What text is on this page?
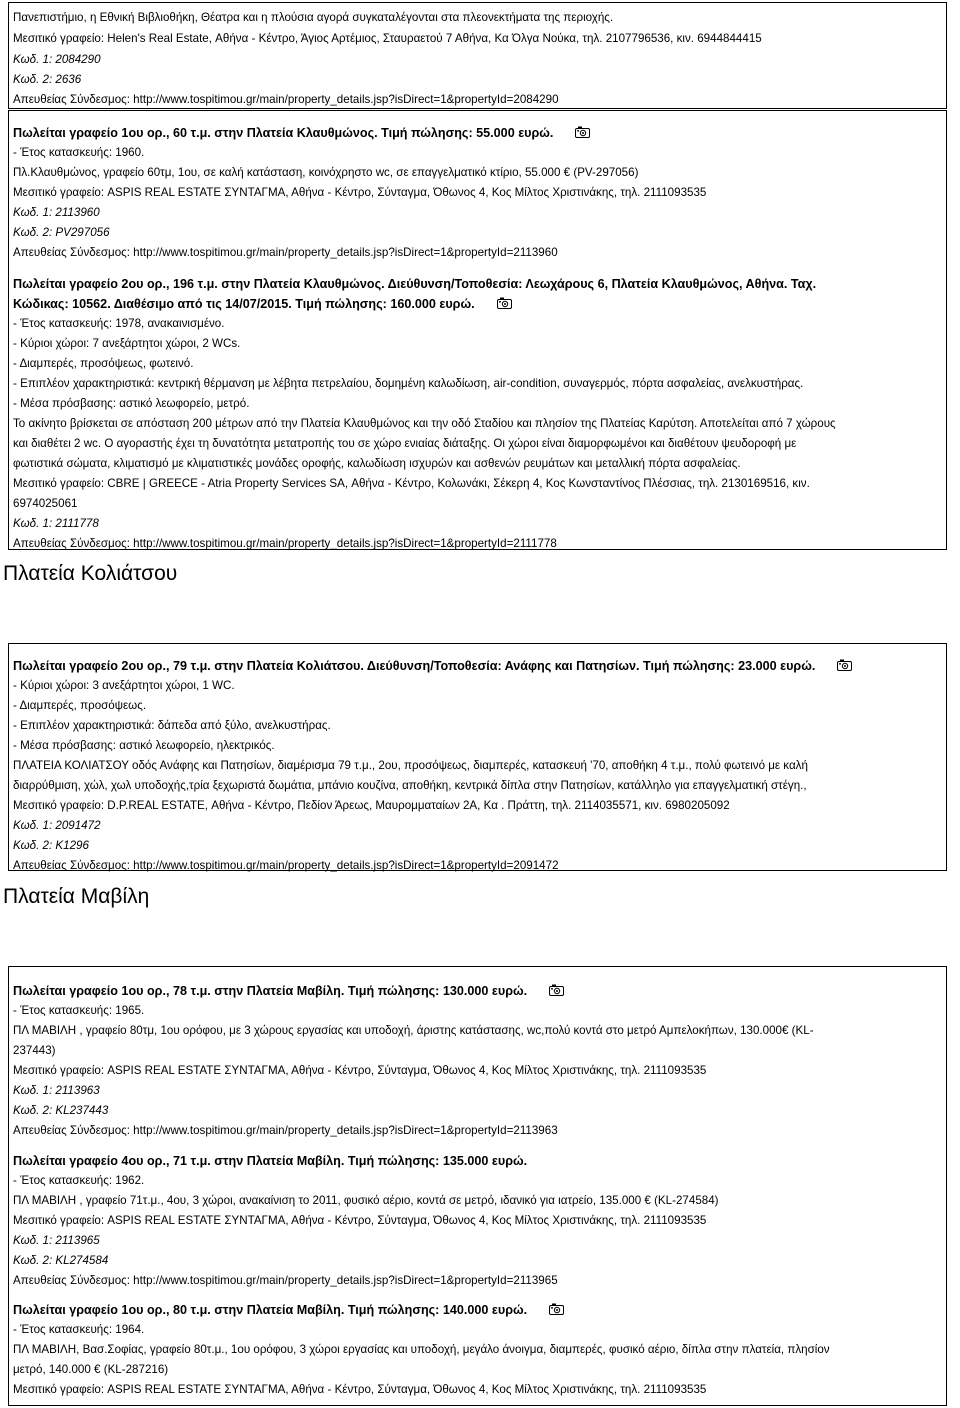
Πανεπιστήμιο, η Εθνική Βιβλιοθήκη, Θέατρα και η πλούσια αγορά συγκαταλέγονται στα πλεονεκτήματα της περιοχής.
Μεσιτικό γραφείο: Helen's Real Estate, Αθήνα - Κέντρο, Άγιος Αρτέμιος, Σταυραετού 7 Αθήνα, Κα Όλγα Νούκα, τηλ. 2107796536, κιν. 6944844415
Κωδ. 1: 2084290
Κωδ. 2: 2636
Απευθείας Σύνδεσμος: http://www.tospitimou.gr/main/property_details.jsp?isDirect=1&propertyId=2084290
Πωλείται γραφείο 1ου ορ., 60 τ.μ. στην Πλατεία Κλαυθμώνος. Τιμή πώλησης: 55.000 ευρώ.
- Έτος κατασκευής: 1960.
Πλ.Κλαυθμώνος, γραφείο 60τμ, 1ου, σε καλή κατάσταση, κοινόχρηστο wc, σε επαγγελματικό κτίριο, 55.000 € (PV-297056)
Μεσιτικό γραφείο: ASPIS REAL ESTATE ΣΥΝΤΑΓΜΑ, Αθήνα - Κέντρο, Σύνταγμα, Όθωνος 4, Κος Μίλτος Χριστινάκης, τηλ. 2111093535
Κωδ. 1: 2113960
Κωδ. 2: PV297056
Απευθείας Σύνδεσμος: http://www.tospitimou.gr/main/property_details.jsp?isDirect=1&propertyId=2113960
Πωλείται γραφείο 2ου ορ., 196 τ.μ. στην Πλατεία Κλαυθμώνος. Διεύθυνση/Τοποθεσία: Λεωχάρους 6, Πλατεία Κλαυθμώνος, Αθήνα. Ταχ.
Κώδικας: 10562. Διαθέσιμο από τις 14/07/2015. Τιμή πώλησης: 160.000 ευρώ.
- Έτος κατασκευής: 1978, ανακαινισμένο.
- Κύριοι χώροι: 7 ανεξάρτητοι χώροι, 2 WCs.
- Διαμπερές, προσόψεως, φωτεινό.
- Επιπλέον χαρακτηριστικά: κεντρική θέρμανση με λέβητα πετρελαίου, δομημένη καλωδίωση, air-condition, συναγερμός, πόρτα ασφαλείας, ανελκυστήρας.
- Μέσα πρόσβασης: αστικό λεωφορείο, μετρό.
Το ακίνητο βρίσκεται σε απόσταση 200 μέτρων από την Πλατεία Κλαυθμώνος και την οδό Σταδίου και πλησίον της Πλατείας Καρύτση. Αποτελείται από 7 χώρους
και διαθέτει 2 wc. Ο αγοραστής έχει τη δυνατότητα μετατροπής του σε χώρο ενιαίας διάταξης. Οι χώροι είναι διαμορφωμένοι και διαθέτουν ψευδοροφή με
φωτιστικά σώματα, κλιματισμό με κλιματιστικές μονάδες οροφής, καλωδίωση ισχυρών και ασθενών ρευμάτων και μεταλλική πόρτα ασφαλείας.
Μεσιτικό γραφείο: CBRE | GREECE - Atria Property Services SA, Αθήνα - Κέντρο, Κολωνάκι, Σέκερη 4, Κος Κωνσταντίνος Πλέσσιας, τηλ. 2130169516, κιν.
6974025061
Κωδ. 1: 2111778
Απευθείας Σύνδεσμος: http://www.tospitimou.gr/main/property_details.jsp?isDirect=1&propertyId=2111778
Πλατεία Κολιάτσου
Πωλείται γραφείο 2ου ορ., 79 τ.μ. στην Πλατεία Κολιάτσου. Διεύθυνση/Τοποθεσία: Ανάφης και Πατησίων. Τιμή πώλησης: 23.000 ευρώ.
- Κύριοι χώροι: 3 ανεξάρτητοι χώροι, 1 WC.
- Διαμπερές, προσόψεως.
- Επιπλέον χαρακτηριστικά: δάπεδα από ξύλο, ανελκυστήρας.
- Μέσα πρόσβασης: αστικό λεωφορείο, ηλεκτρικός.
ΠΛΑΤΕΙΑ ΚΟΛΙΑΤΣΟΥ οδός Ανάφης και Πατησίων, διαμέρισμα 79 τ.μ., 2ου, προσόψεως, διαμπερές, κατασκευή '70, αποθήκη 4 τ.μ., πολύ φωτεινό με καλή
διαρρύθμιση, χώλ, χωλ υποδοχής,τρία ξεχωριστά δωμάτια, μπάνιο κουζίνα, αποθήκη, κεντρικά δίπλα στην Πατησίων, κατάλληλο για επαγγελματική στέγη.,
Μεσιτικό γραφείο: D.P.REAL ESTATE, Αθήνα - Κέντρο, Πεδίον Άρεως, Μαυρομματαίων 2Α, Κα . Πράττη, τηλ. 2114035571, κιν. 6980205092
Κωδ. 1: 2091472
Κωδ. 2: K1296
Απευθείας Σύνδεσμος: http://www.tospitimou.gr/main/property_details.jsp?isDirect=1&propertyId=2091472
Πλατεία Μαβίλη
Πωλείται γραφείο 1ου ορ., 78 τ.μ. στην Πλατεία Μαβίλη. Τιμή πώλησης: 130.000 ευρώ.
- Έτος κατασκευής: 1965.
ΠΛ ΜΑΒΙΛΗ , γραφείο 80τμ, 1ου ορόφου, με 3 χώρους εργασίας και υποδοχή, άριστης κατάστασης, wc,πολύ κοντά στο μετρό Αμπελοκήπων, 130.000€ (KL-
237443)
Μεσιτικό γραφείο: ASPIS REAL ESTATE ΣΥΝΤΑΓΜΑ, Αθήνα - Κέντρο, Σύνταγμα, Όθωνος 4, Κος Μίλτος Χριστινάκης, τηλ. 2111093535
Κωδ. 1: 2113963
Κωδ. 2: KL237443
Απευθείας Σύνδεσμος: http://www.tospitimou.gr/main/property_details.jsp?isDirect=1&propertyId=2113963
Πωλείται γραφείο 4ου ορ., 71 τ.μ. στην Πλατεία Μαβίλη. Τιμή πώλησης: 135.000 ευρώ.
- Έτος κατασκευής: 1962.
ΠΛ ΜΑΒΙΛΗ , γραφείο 71τ.μ., 4ου, 3 χώροι, ανακαίνιση το 2011, φυσικό αέριο, κοντά σε μετρό, ιδανικό για ιατρείο, 135.000 € (KL-274584)
Μεσιτικό γραφείο: ASPIS REAL ESTATE ΣΥΝΤΑΓΜΑ, Αθήνα - Κέντρο, Σύνταγμα, Όθωνος 4, Κος Μίλτος Χριστινάκης, τηλ. 2111093535
Κωδ. 1: 2113965
Κωδ. 2: KL274584
Απευθείας Σύνδεσμος: http://www.tospitimou.gr/main/property_details.jsp?isDirect=1&propertyId=2113965
Πωλείται γραφείο 1ου ορ., 80 τ.μ. στην Πλατεία Μαβίλη. Τιμή πώλησης: 140.000 ευρώ.
- Έτος κατασκευής: 1964.
ΠΛ ΜΑΒΙΛΗ, Βασ.Σοφίας, γραφείο 80τ.μ., 1ου ορόφου, 3 χώροι εργασίας και υποδοχή, μεγάλο άνοιγμα, διαμπερές, φυσικό αέριο, δίπλα στην πλατεία, πλησίον
μετρό, 140.000 € (KL-287216)
Μεσιτικό γραφείο: ASPIS REAL ESTATE ΣΥΝΤΑΓΜΑ, Αθήνα - Κέντρο, Σύνταγμα, Όθωνος 4, Κος Μίλτος Χριστινάκης, τηλ. 2111093535
